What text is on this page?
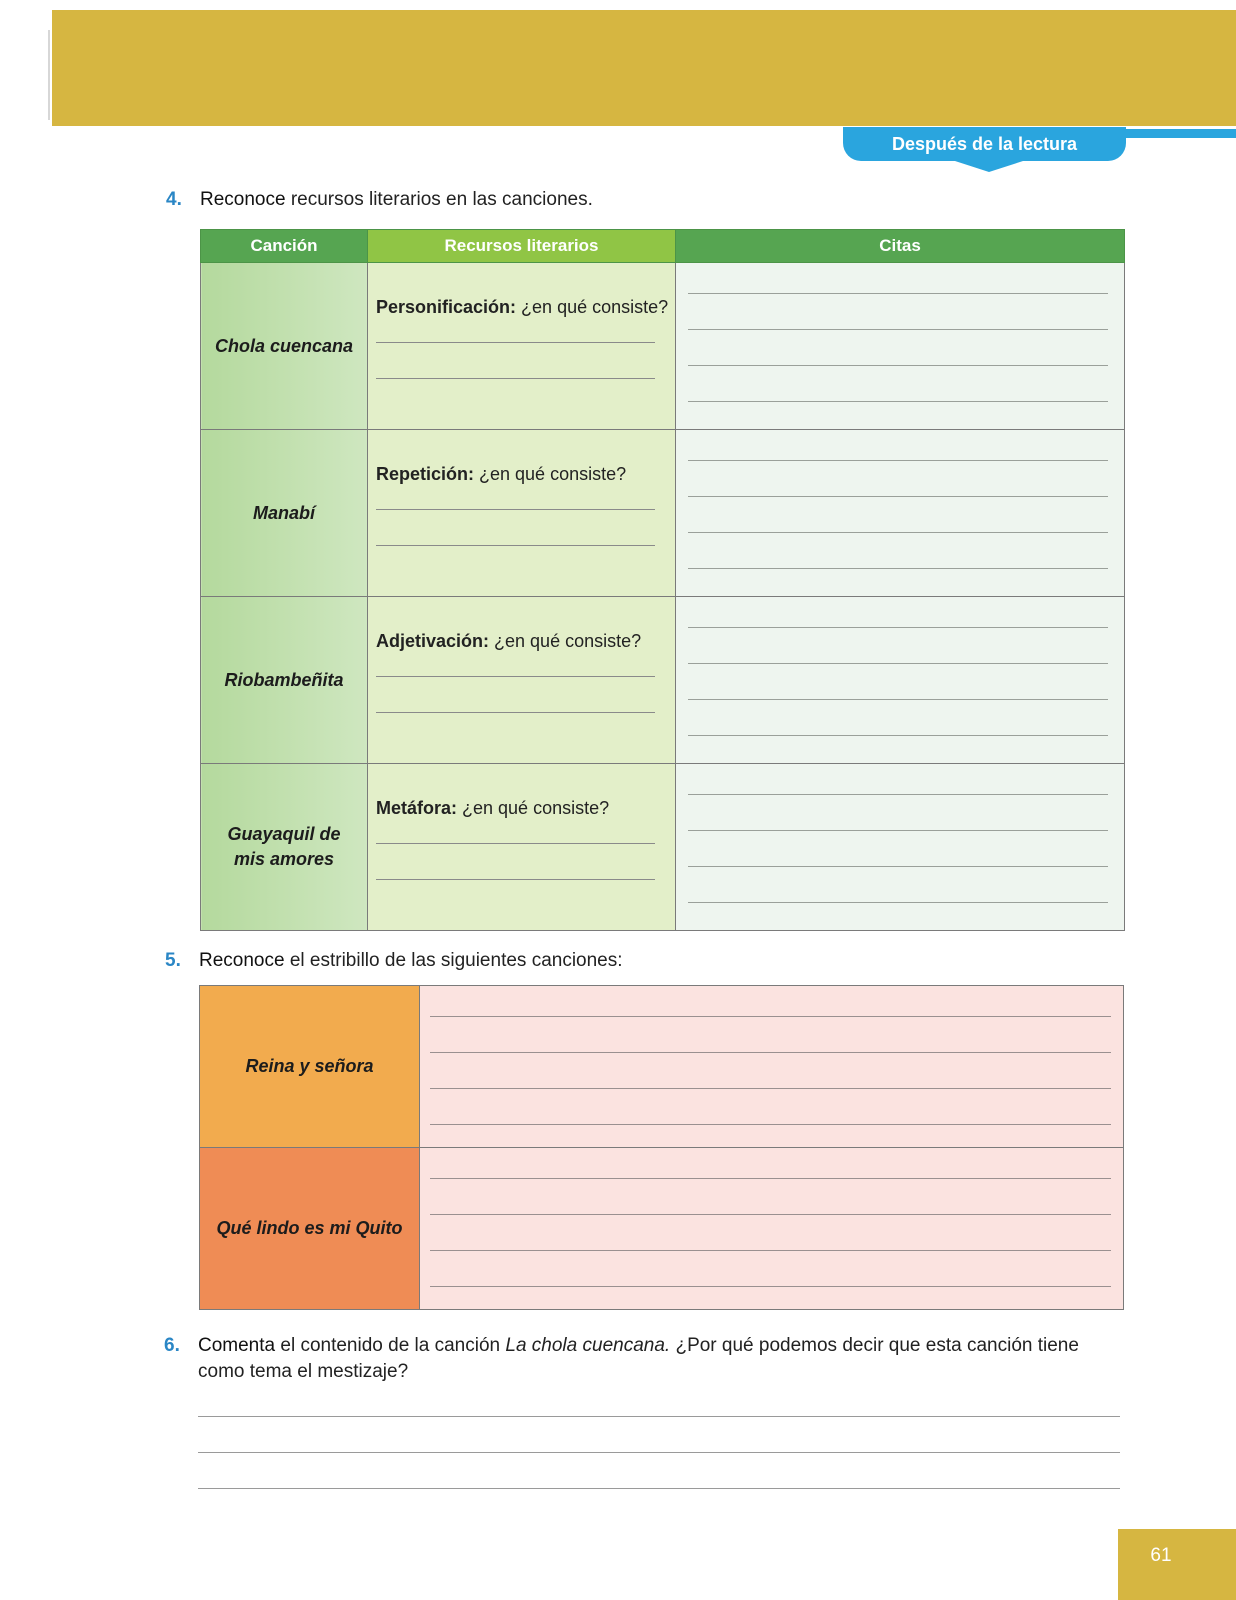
Después de la lectura
4. Reconoce recursos literarios en las canciones.
Canción	Recursos literarios	Citas
Chola cuencana	Personificación: ¿en qué consiste?	

Manabí	Repetición: ¿en qué consiste?	

Riobambeñita	Adjetivación: ¿en qué consiste?	

Guayaquil de mis amores	Metáfora: ¿en qué consiste?	

5. Reconoce el estribillo de las siguientes canciones:
Reina y señora	

Qué lindo es mi Quito	
6. Comenta el contenido de la canción La chola cuencana. ¿Por qué podemos decir que esta canción tiene como tema el mestizaje?
61
